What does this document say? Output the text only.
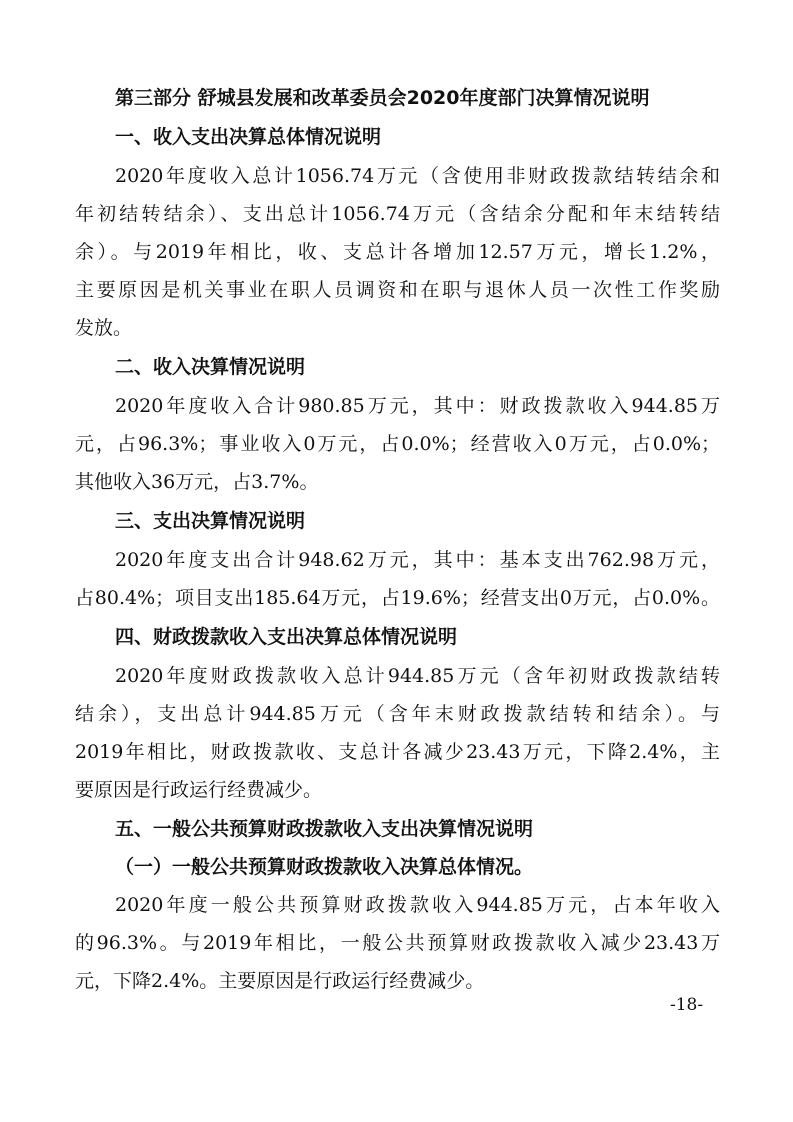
第三部分 舒城县发展和改革委员会2020年度部门决算情况说明
一、收入支出决算总体情况说明
2020年度收入总计1056.74万元（含使用非财政拨款结转结余和
年初结转结余）、支出总计1056.74万元（含结余分配和年末结转结
余）。与2019年相比，收、支总计各增加12.57万元，增长1.2%，
主要原因是机关事业在职人员调资和在职与退休人员一次性工作奖励
发放。
二、收入决算情况说明
2020年度收入合计980.85万元，其中：财政拨款收入944.85万
元，占96.3%；事业收入0万元，占0.0%；经营收入0万元，占0.0%；
其他收入36万元，占3.7%。
三、支出决算情况说明
2020年度支出合计948.62万元，其中：基本支出762.98万元，
占80.4%；项目支出185.64万元，占19.6%；经营支出0万元，占0.0%。
四、财政拨款收入支出决算总体情况说明
2020年度财政拨款收入总计944.85万元（含年初财政拨款结转
结余），支出总计944.85万元（含年末财政拨款结转和结余）。与
2019年相比，财政拨款收、支总计各减少23.43万元，下降2.4%，主
要原因是行政运行经费减少。
五、一般公共预算财政拨款收入支出决算情况说明
（一）一般公共预算财政拨款收入决算总体情况。
2020年度一般公共预算财政拨款收入944.85万元，占本年收入
的96.3%。与2019年相比，一般公共预算财政拨款收入减少23.43万
元，下降2.4%。主要原因是行政运行经费减少。
-18-
